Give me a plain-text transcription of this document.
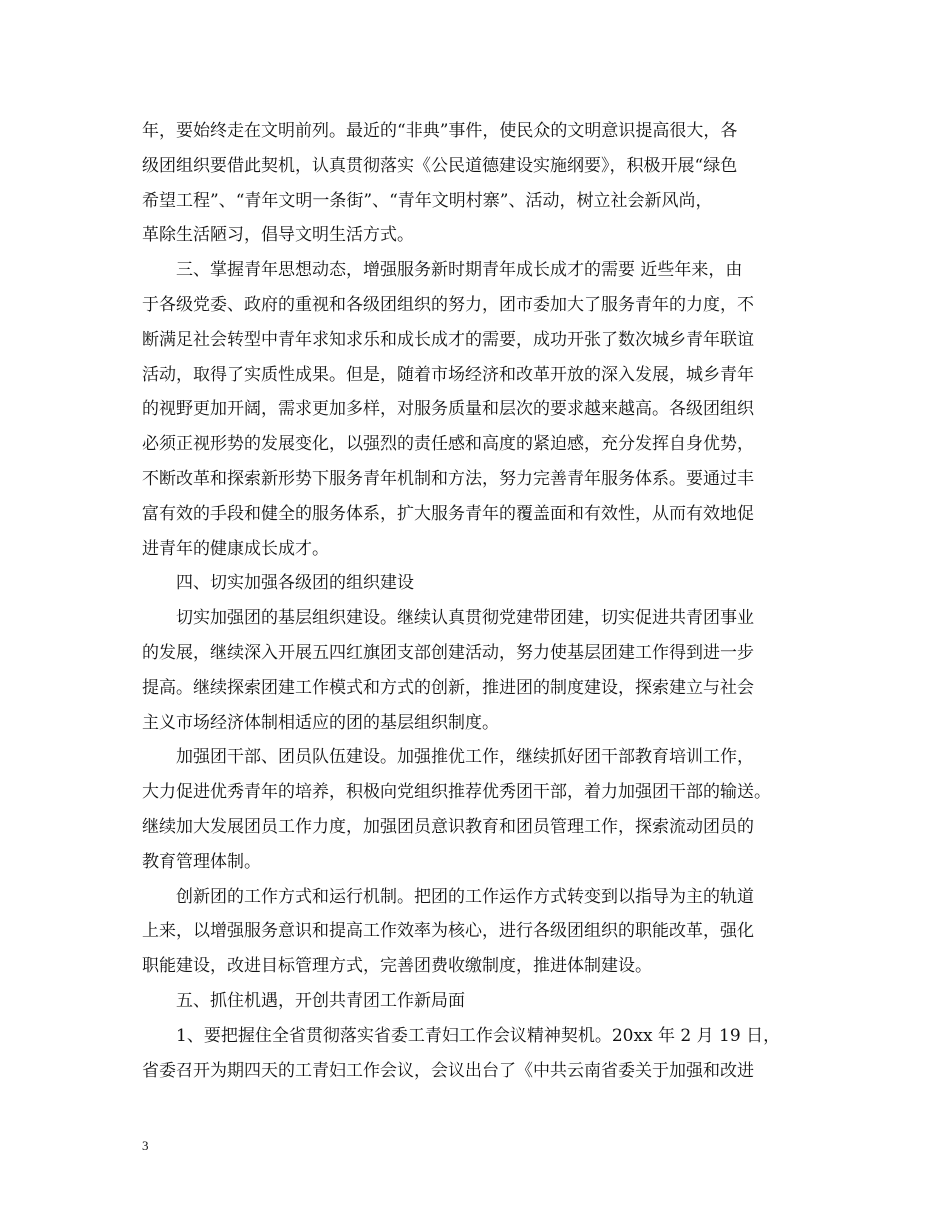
年，要始终走在文明前列。最近的“非典”事件，使民众的文明意识提高很大，各
级团组织要借此契机，认真贯彻落实《公民道德建设实施纲要》，积极开展“绿色
希望工程”、“青年文明一条街”、“青年文明村寨”、活动，树立社会新风尚，
革除生活陋习，倡导文明生活方式。
　　三、掌握青年思想动态，增强服务新时期青年成长成才的需要 近些年来，由
于各级党委、政府的重视和各级团组织的努力，团市委加大了服务青年的力度，不
断满足社会转型中青年求知求乐和成长成才的需要，成功开张了数次城乡青年联谊
活动，取得了实质性成果。但是，随着市场经济和改革开放的深入发展，城乡青年
的视野更加开阔，需求更加多样，对服务质量和层次的要求越来越高。各级团组织
必须正视形势的发展变化，以强烈的责任感和高度的紧迫感，充分发挥自身优势，
不断改革和探索新形势下服务青年机制和方法，努力完善青年服务体系。要通过丰
富有效的手段和健全的服务体系，扩大服务青年的覆盖面和有效性，从而有效地促
进青年的健康成长成才。
　　四、切实加强各级团的组织建设
　　切实加强团的基层组织建设。继续认真贯彻党建带团建，切实促进共青团事业
的发展，继续深入开展五四红旗团支部创建活动，努力使基层团建工作得到进一步
提高。继续探索团建工作模式和方式的创新，推进团的制度建设，探索建立与社会
主义市场经济体制相适应的团的基层组织制度。
　　加强团干部、团员队伍建设。加强推优工作，继续抓好团干部教育培训工作，
大力促进优秀青年的培养，积极向党组织推荐优秀团干部，着力加强团干部的输送。
继续加大发展团员工作力度，加强团员意识教育和团员管理工作，探索流动团员的
教育管理体制。
　　创新团的工作方式和运行机制。把团的工作运作方式转变到以指导为主的轨道
上来，以增强服务意识和提高工作效率为核心，进行各级团组织的职能改革，强化
职能建设，改进目标管理方式，完善团费收缴制度，推进体制建设。
　　五、抓住机遇，开创共青团工作新局面
　　1、要把握住全省贯彻落实省委工青妇工作会议精神契机。20xx 年 2 月 19 日，
省委召开为期四天的工青妇工作会议，会议出台了《中共云南省委关于加强和改进
3
